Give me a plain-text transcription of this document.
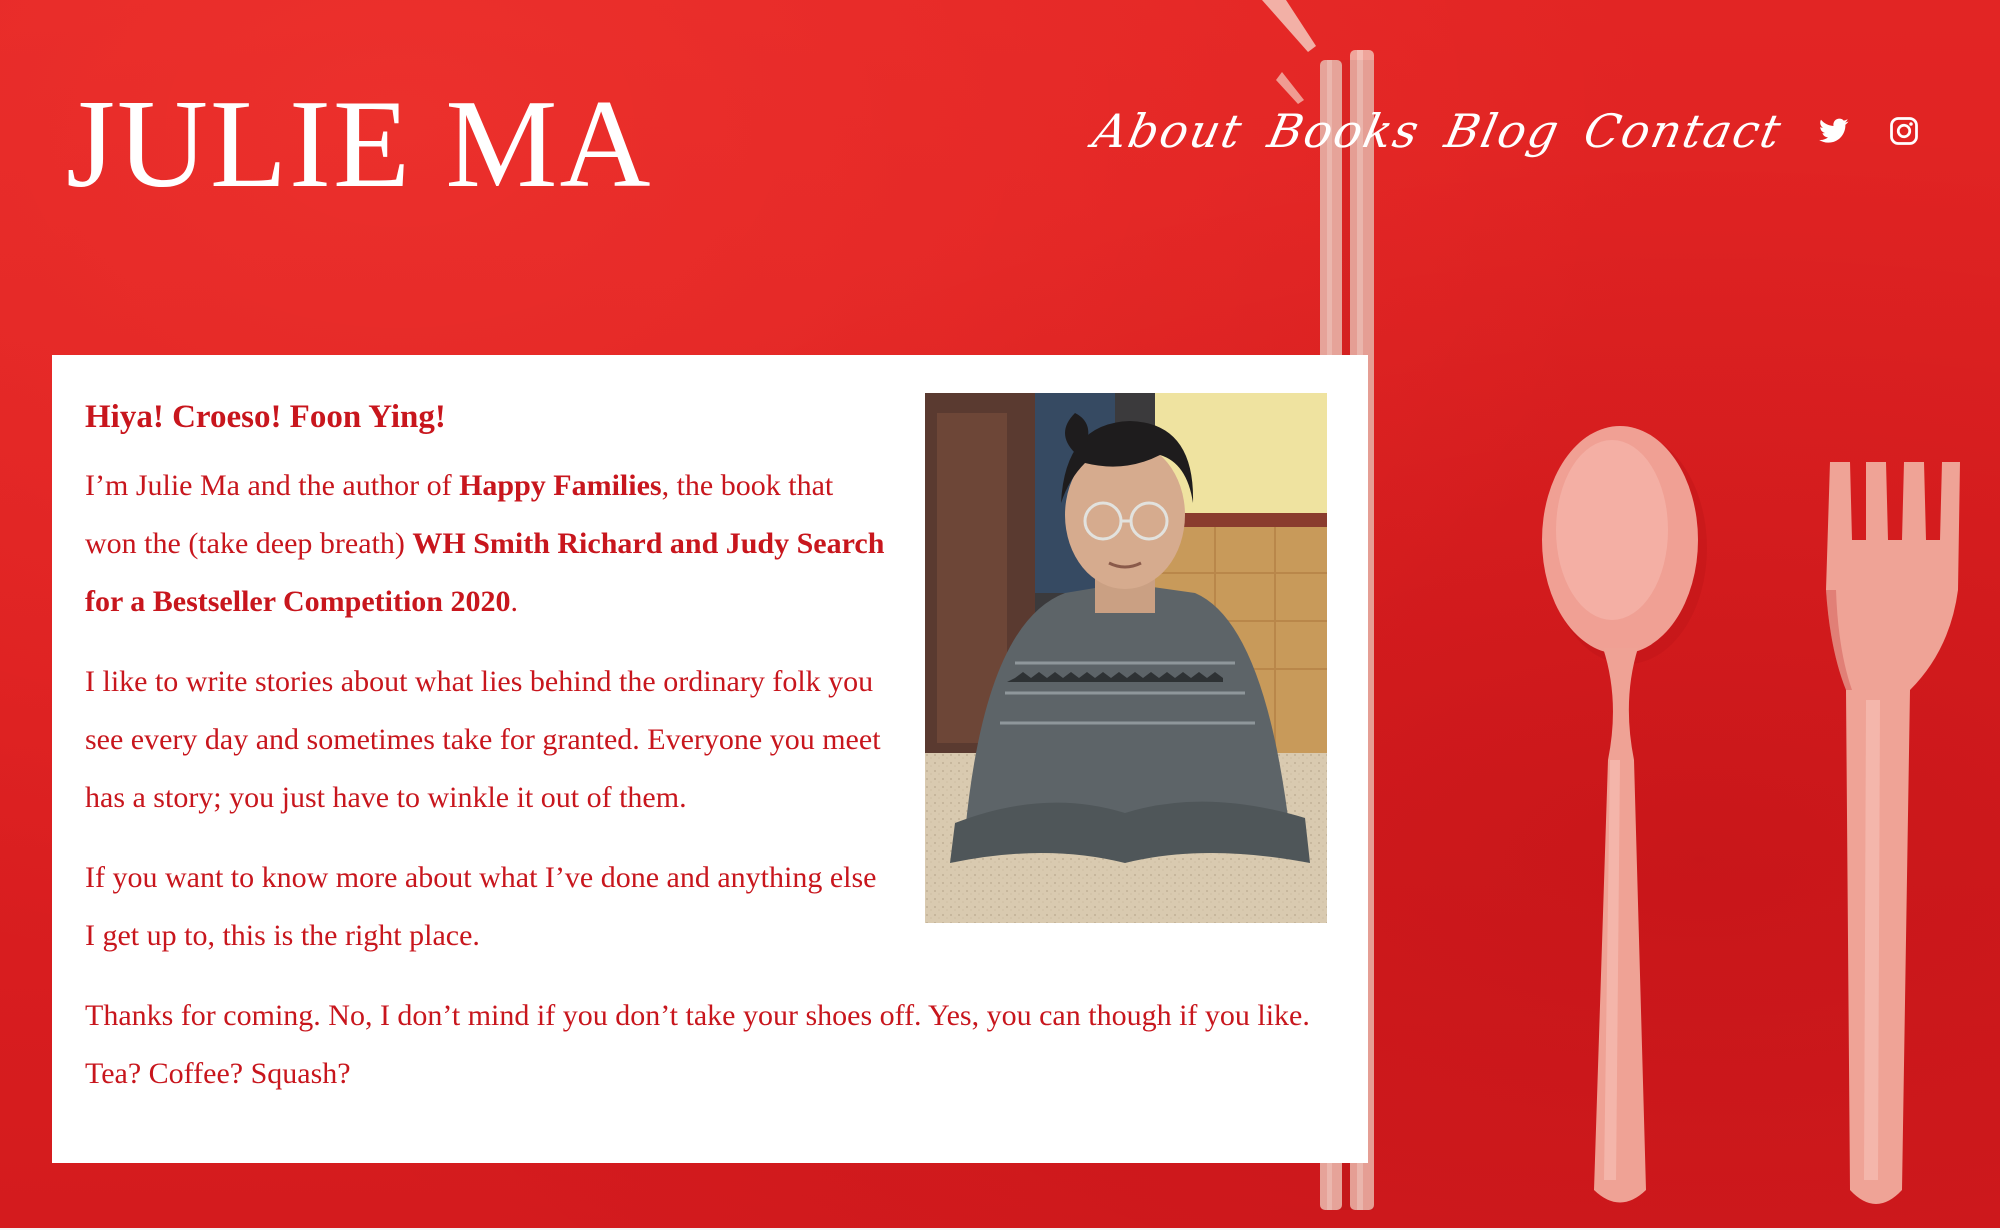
JULIE MA	About Books Blog Contact
Hiya! Croeso! Foon Ying!

I’m Julie Ma and the author of Happy Families, the book that won the (take deep breath) WH Smith Richard and Judy Search for a Bestseller Competition 2020.

I like to write stories about what lies behind the ordinary folk you see every day and sometimes take for granted. Everyone you meet has a story; you just have to winkle it out of them.

If you want to know more about what I’ve done and anything else I get up to, this is the right place.

Thanks for coming. No, I don’t mind if you don’t take your shoes off. Yes, you can though if you like. Tea? Coffee? Squash?
